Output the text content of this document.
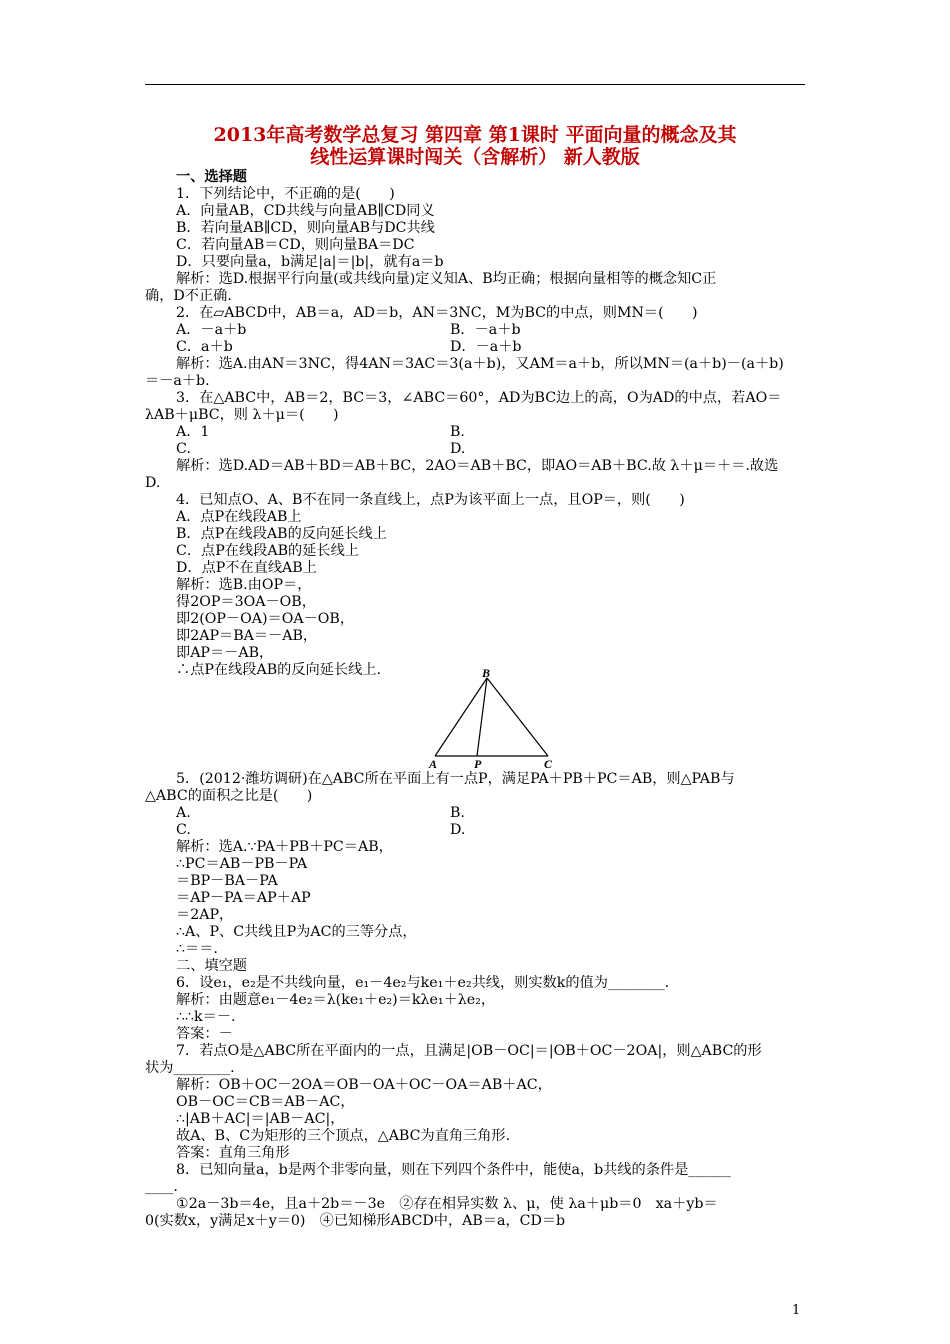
2013年高考数学总复习 第四章 第1课时 平面向量的概念及其
线性运算课时闯关（含解析） 新人教版
一、选择题
1．下列结论中，不正确的是(　　)
A．向量AB，CD共线与向量AB∥CD同义
B．若向量AB∥CD，则向量AB与DC共线
C．若向量AB＝CD，则向量BA＝DC
D．只要向量a，b满足|a|＝|b|，就有a＝b
解析：选D.根据平行向量(或共线向量)定义知A、B均正确；根据向量相等的概念知C正
确，D不正确.
2．在▱ABCD中，AB＝a，AD＝b，AN＝3NC，M为BC的中点，则MN＝(　　)
A．－a＋b	B．－a＋b
C．a＋b	D．－a＋b
解析：选A.由AN＝3NC，得4AN＝3AC＝3(a＋b)，又AM＝a＋b，所以MN＝(a＋b)－(a＋b)
＝－a＋b.
3．在△ABC中，AB＝2，BC＝3，∠ABC＝60°，AD为BC边上的高，O为AD的中点，若AO＝
λAB＋μBC，则 λ＋μ＝(　　)
A．1	B.
C.	D.
解析：选D.AD＝AB＋BD＝AB＋BC，2AO＝AB＋BC，即AO＝AB＋BC.故 λ＋μ＝＋＝.故选
D.
4．已知点O、A、B不在同一条直线上，点P为该平面上一点，且OP＝，则(　　)
A．点P在线段AB上
B．点P在线段AB的反向延长线上
C．点P在线段AB的延长线上
D．点P不在直线AB上
解析：选B.由OP＝，
得2OP＝3OA－OB，
即2(OP－OA)＝OA－OB，
即2AP＝BA＝－AB，
即AP＝－AB，
∴点P在线段AB的反向延长线上.	B
A	P	C
5．(2012·潍坊调研)在△ABC所在平面上有一点P，满足PA＋PB＋PC＝AB，则△PAB与
△ABC的面积之比是(　　)
A.	B.
C.	D.
解析：选A.∵PA＋PB＋PC＝AB，
∴PC＝AB－PB－PA
＝BP－BA－PA
＝AP－PA＝AP＋AP
＝2AP，
∴A、P、C共线且P为AC的三等分点，
∴＝＝.
二、填空题
6．设e₁，e₂是不共线向量，e₁－4e₂与ke₁＋e₂共线，则实数k的值为________.
解析：由题意e₁－4e₂＝λ(ke₁＋e₂)＝kλe₁＋λe₂，
∴∴k＝－.
答案：－
7．若点O是△ABC所在平面内的一点，且满足|OB－OC|＝|OB＋OC－2OA|，则△ABC的形
状为________.
解析：OB＋OC－2OA＝OB－OA＋OC－OA＝AB＋AC，
OB－OC＝CB＝AB－AC，
∴|AB＋AC|＝|AB－AC|，
故A、B、C为矩形的三个顶点，△ABC为直角三角形.
答案：直角三角形
8．已知向量a，b是两个非零向量，则在下列四个条件中，能使a，b共线的条件是______
____.
①2a－3b＝4e，且a＋2b＝－3e　②存在相异实数 λ、μ，使 λa＋μb＝0　xa＋yb＝
0(实数x，y满足x＋y＝0)　④已知梯形ABCD中，AB＝a，CD＝b
1
